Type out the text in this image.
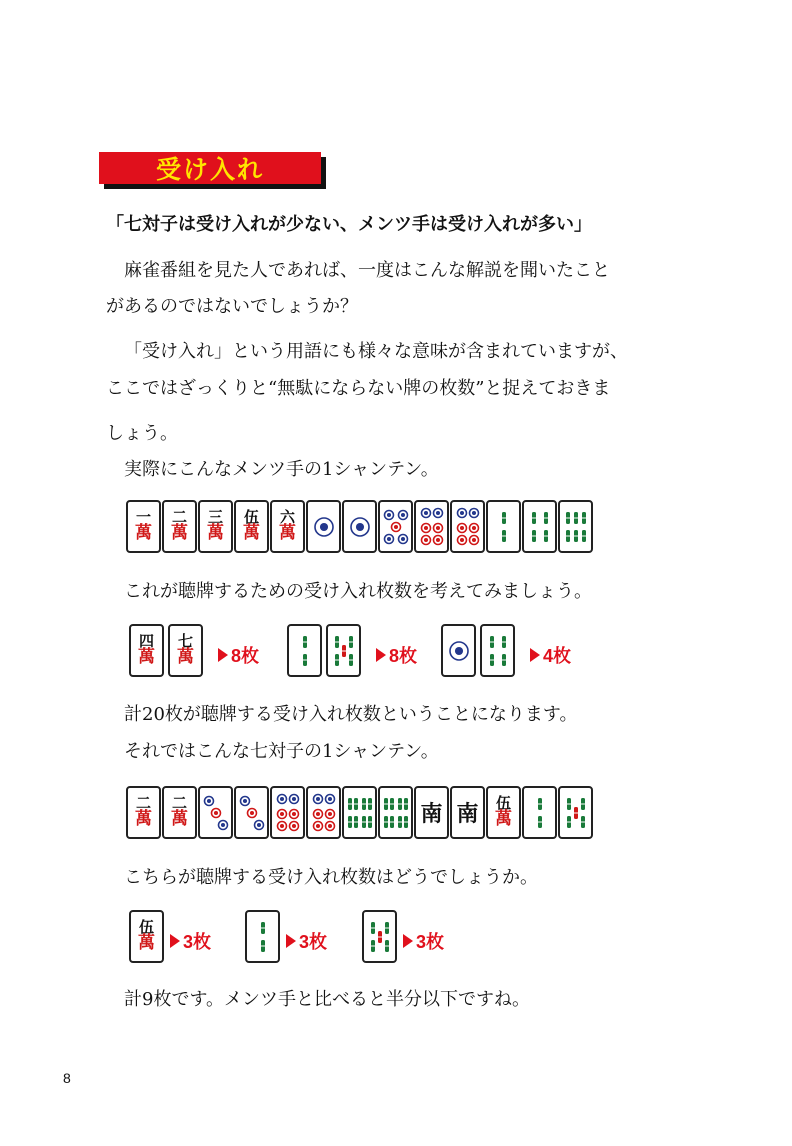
受け入れ
「七対子は受け入れが少ない、メンツ手は受け入れが多い」
麻雀番組を見た人であれば、一度はこんな解説を聞いたこと
があるのではないでしょうか？
「受け入れ」という用語にも様々な意味が含まれていますが、
ここではざっくりと“無駄にならない牌の枚数”と捉えておきま
しょう。
実際にこんなメンツ手の1シャンテン。
一
萬
二
萬
三
萬
伍
萬
六
萬
これが聴牌するための受け入れ枚数を考えてみましょう。
四
萬
七
萬 8枚	8枚	4枚
計20枚が聴牌する受け入れ枚数ということになります。
それではこんな七対子の1シャンテン。
二
萬
二
萬	南 南 伍
萬
こちらが聴牌する受け入れ枚数はどうでしょうか。
伍
萬 3枚	3枚	3枚
計9枚です。メンツ手と比べると半分以下ですね。
8
